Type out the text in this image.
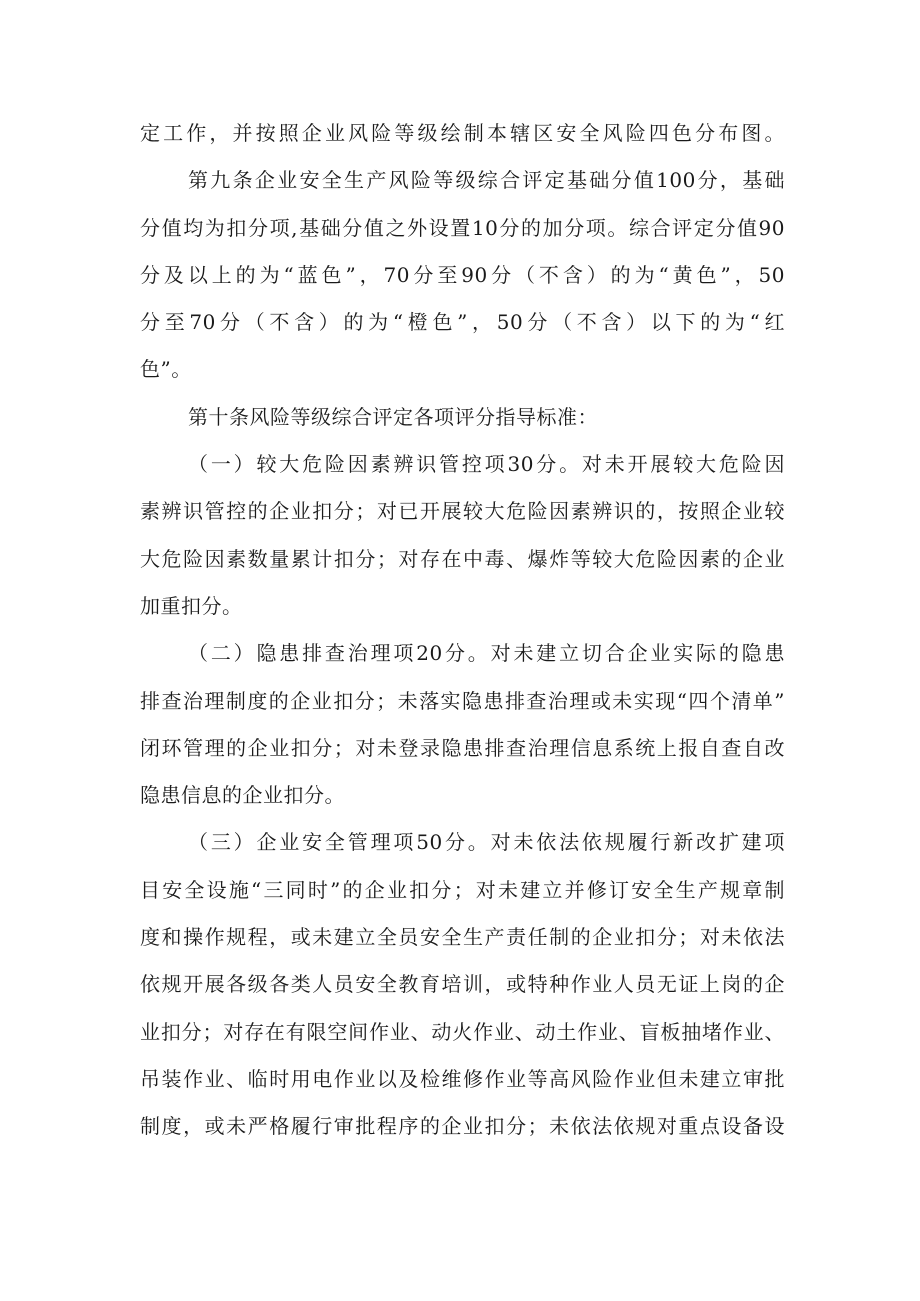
定工作，并按照企业风险等级绘制本辖区安全风险四色分布图。
第九条企业安全生产风险等级综合评定基础分值100分，基础
分值均为扣分项,基础分值之外设置10分的加分项。综合评定分值90
分及以上的为“蓝色”，70分至90分（不含）的为“黄色”，50
分至70分（不含）的为“橙色”，50分（不含）以下的为“红
色”。
第十条风险等级综合评定各项评分指导标准：
（一）较大危险因素辨识管控项30分。对未开展较大危险因
素辨识管控的企业扣分；对已开展较大危险因素辨识的，按照企业较
大危险因素数量累计扣分；对存在中毒、爆炸等较大危险因素的企业
加重扣分。
（二）隐患排查治理项20分。对未建立切合企业实际的隐患
排查治理制度的企业扣分；未落实隐患排查治理或未实现“四个清单”
闭环管理的企业扣分；对未登录隐患排查治理信息系统上报自查自改
隐患信息的企业扣分。
（三）企业安全管理项50分。对未依法依规履行新改扩建项
目安全设施“三同时”的企业扣分；对未建立并修订安全生产规章制
度和操作规程，或未建立全员安全生产责任制的企业扣分；对未依法
依规开展各级各类人员安全教育培训，或特种作业人员无证上岗的企
业扣分；对存在有限空间作业、动火作业、动土作业、盲板抽堵作业、
吊装作业、临时用电作业以及检维修作业等高风险作业但未建立审批
制度，或未严格履行审批程序的企业扣分；未依法依规对重点设备设
